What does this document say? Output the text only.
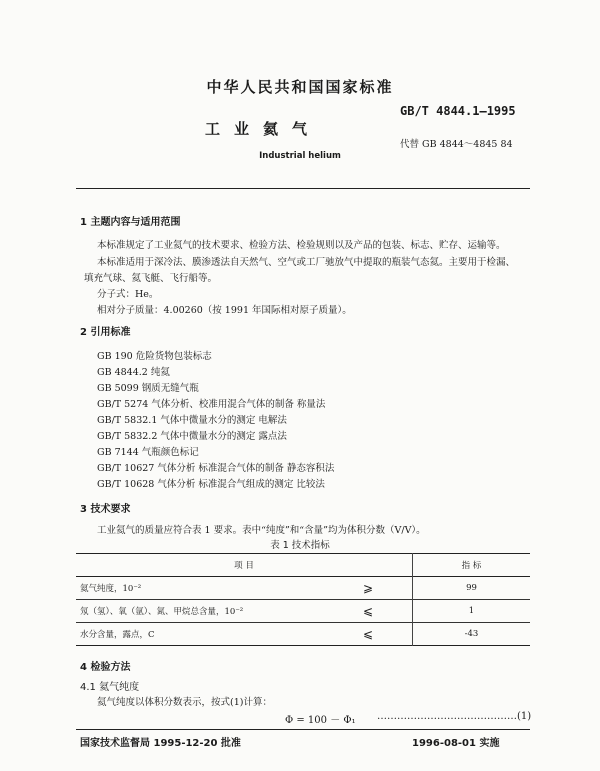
中华人民共和国国家标准
GB/T 4844.1—1995
工业氦气
代替 GB 4844～4845 84
Industrial helium
1 主题内容与适用范围
本标准规定了工业氦气的技术要求、检验方法、检验规则以及产品的包装、标志、贮存、运输等。
本标准适用于深冷法、膜渗透法自天然气、空气或工厂驰放气中提取的瓶装气态氦。主要用于检漏、
填充气球、氦飞艇、飞行船等。
分子式：He。
相对分子质量：4.00260（按 1991 年国际相对原子质量）。
2 引用标准
GB 190 危险货物包装标志
GB 4844.2 纯氦
GB 5099 钢质无缝气瓶
GB/T 5274 气体分析、校准用混合气体的制备 称量法
GB/T 5832.1 气体中微量水分的测定 电解法
GB/T 5832.2 气体中微量水分的测定 露点法
GB 7144 气瓶颜色标记
GB/T 10627 气体分析 标准混合气体的制备 静态容积法
GB/T 10628 气体分析 标准混合气组成的测定 比较法
3 技术要求
工业氦气的质量应符合表 1 要求。表中“纯度”和“含量”均为体积分数（V/V）。
表 1 技术指标
项 目		指 标
氦气纯度，10⁻²	⩾	99
氖（氢）、氧（氩）、氮、甲烷总含量，10⁻²	⩽	1
水分含量，露点，C	⩽	-43
4 检验方法
4.1 氦气纯度
氦气纯度以体积分数表示，按式(1)计算：
Φ = 100 － Φ₁ ……………………………………(1)
国家技术监督局 1995-12-20 批准	1996-08-01 实施
